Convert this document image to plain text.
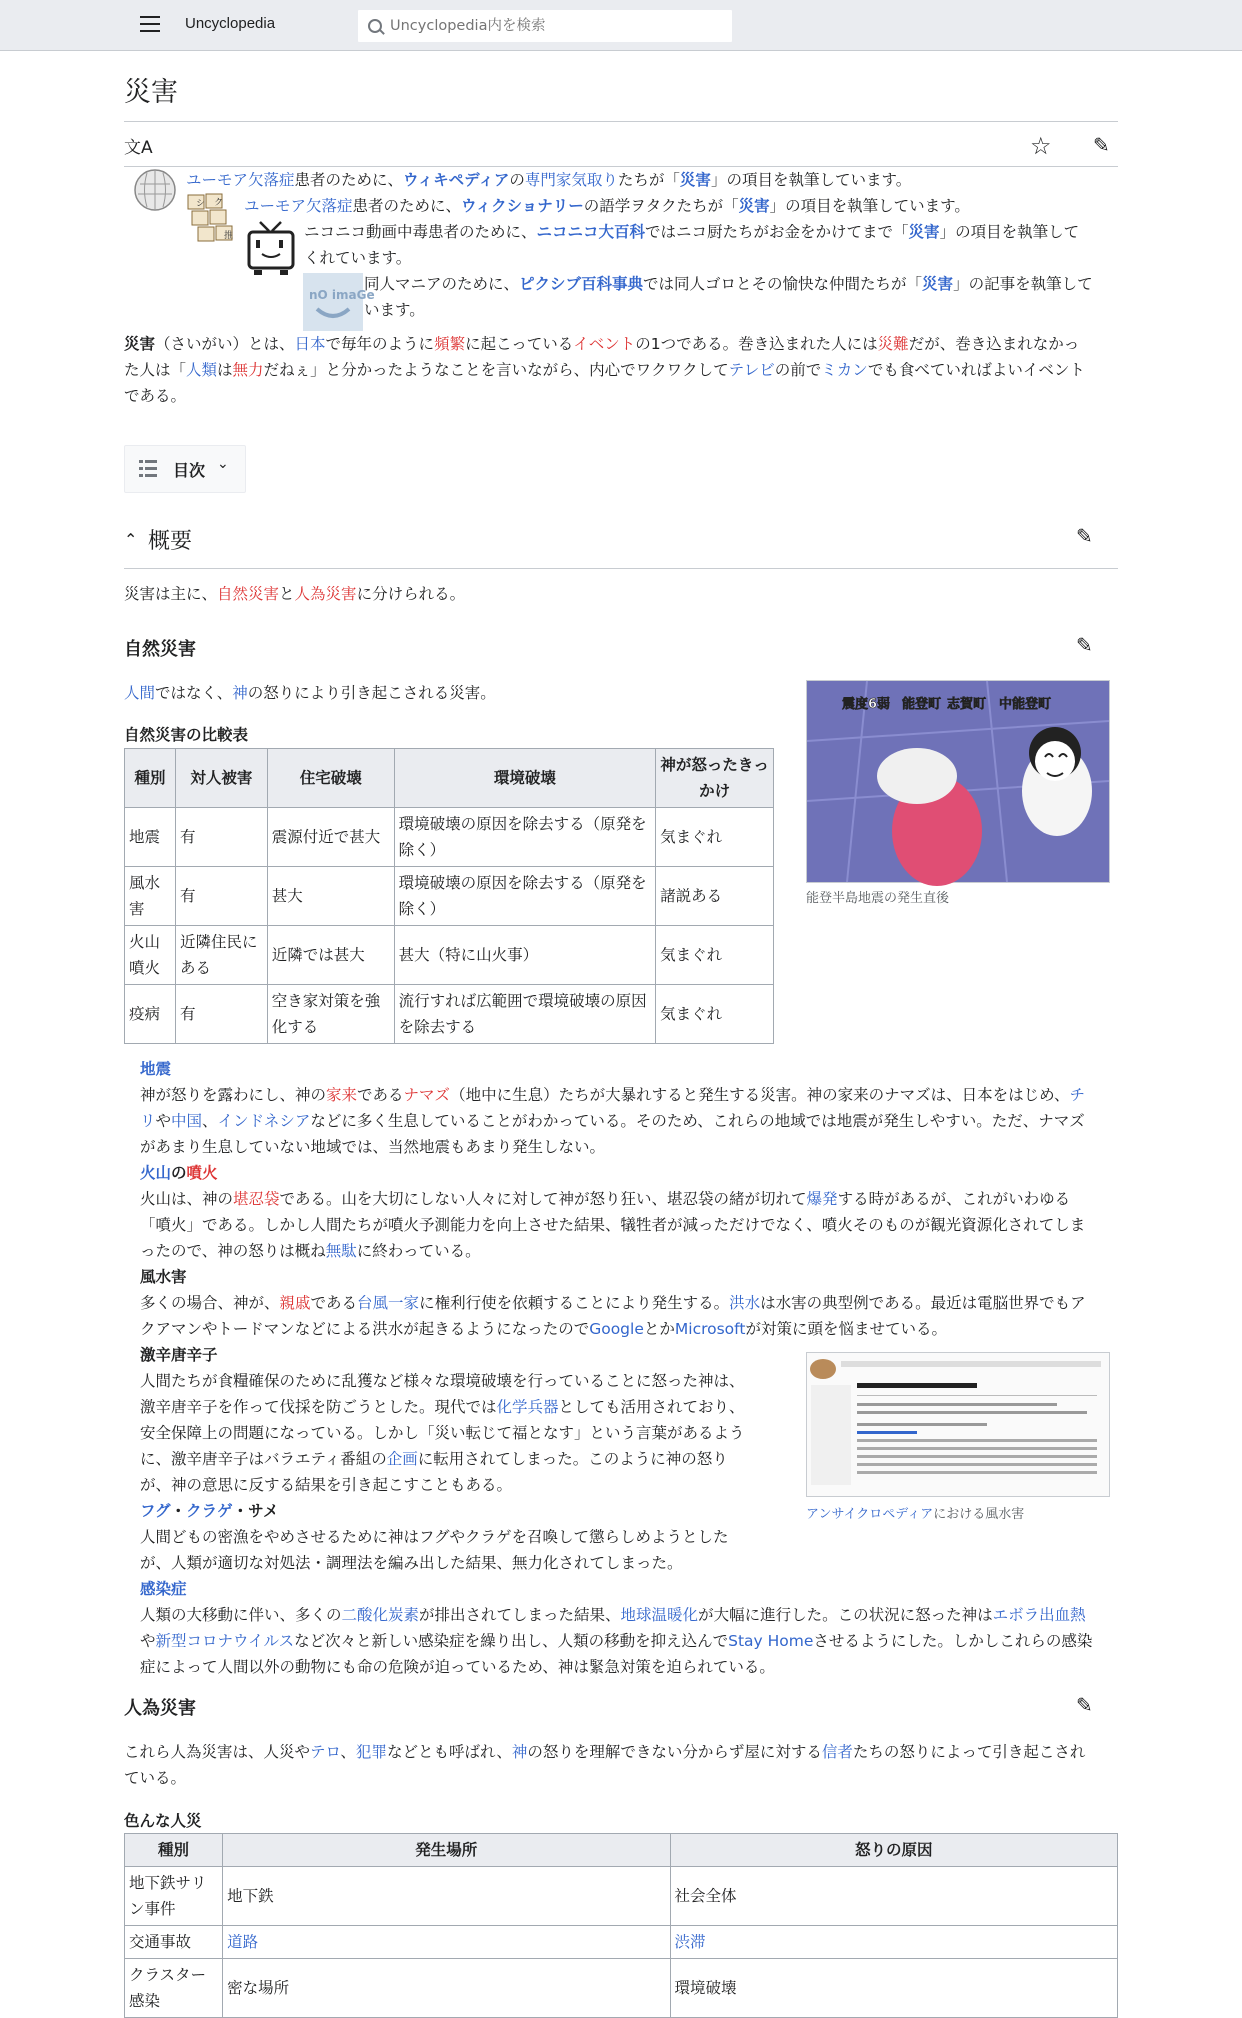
Uncyclopedia
Uncyclopedia内を検索
災害
文A	☆ ✎
シ ク
推
nO imaGe
ユーモア欠落症患者のために、ウィキペディアの専門家気取りたちが「災害」の項目を執筆しています。
ユーモア欠落症患者のために、ウィクショナリーの語学ヲタクたちが「災害」の項目を執筆しています。
ニコニコ動画中毒患者のために、ニコニコ大百科ではニコ厨たちがお金をかけてまで「災害」の項目を執筆して
くれています。
同人マニアのために、ピクシブ百科事典では同人ゴロとその愉快な仲間たちが「災害」の記事を執筆して
います。
災害（さいがい）とは、日本で毎年のように頻繁に起こっているイベントの1つである。巻き込まれた人には災難だが、巻き込まれなかっ
た人は「人類は無力だねぇ」と分かったようなことを言いながら、内心でワクワクしてテレビの前でミカンでも食べていればよいイベント
である。
目次 ⌄
⌃ 概要	✎
災害は主に、自然災害と人為災害に分けられる。
自然災害	✎
人間ではなく、神の怒りにより引き起こされる災害。
自然災害の比較表
種別	対人被害	住宅破壊	環境破壊	神が怒ったきっかけ
地震	有	震源付近で甚大	環境破壊の原因を除去する（原発を除く）	気まぐれ
風水害	有	甚大	環境破壊の原因を除去する（原発を除く）	諸説ある
火山噴火	近隣住民にある	近隣では甚大	甚大（特に山火事）	気まぐれ
疫病	有	空き家対策を強化する	流行すれば広範囲で環境破壊の原因を除去する	気まぐれ
震度6弱 能登町 志賀町 中能登町
能登半島地震の発生直後
地震
神が怒りを露わにし、神の家来であるナマズ（地中に生息）たちが大暴れすると発生する災害。神の家来のナマズは、日本をはじめ、チ
リや中国、インドネシアなどに多く生息していることがわかっている。そのため、これらの地域では地震が発生しやすい。ただ、ナマズ
があまり生息していない地域では、当然地震もあまり発生しない。
火山の噴火
火山は、神の堪忍袋である。山を大切にしない人々に対して神が怒り狂い、堪忍袋の緒が切れて爆発する時があるが、これがいわゆる
「噴火」である。しかし人間たちが噴火予測能力を向上させた結果、犠牲者が減っただけでなく、噴火そのものが観光資源化されてしま
ったので、神の怒りは概ね無駄に終わっている。
風水害
多くの場合、神が、親戚である台風一家に権利行使を依頼することにより発生する。洪水は水害の典型例である。最近は電脳世界でもア
クアマンやトードマンなどによる洪水が起きるようになったのでGoogleとかMicrosoftが対策に頭を悩ませている。
激辛唐辛子
人間たちが食糧確保のために乱獲など様々な環境破壊を行っていることに怒った神は、
激辛唐辛子を作って伐採を防ごうとした。現代では化学兵器としても活用されており、
安全保障上の問題になっている。しかし「災い転じて福となす」という言葉があるよう
に、激辛唐辛子はバラエティ番組の企画に転用されてしまった。このように神の怒り
が、神の意思に反する結果を引き起こすこともある。
フグ・クラゲ・サメ
人間どもの密漁をやめさせるために神はフグやクラゲを召喚して懲らしめようとした
が、人類が適切な対処法・調理法を編み出した結果、無力化されてしまった。
感染症
人類の大移動に伴い、多くの二酸化炭素が排出されてしまった結果、地球温暖化が大幅に進行した。この状況に怒った神はエボラ出血熱
や新型コロナウイルスなど次々と新しい感染症を繰り出し、人類の移動を抑え込んでStay Homeさせるようにした。しかしこれらの感染
症によって人間以外の動物にも命の危険が迫っているため、神は緊急対策を迫られている。
アンサイクロペディアにおける風水害
人為災害	✎
これら人為災害は、人災やテロ、犯罪などとも呼ばれ、神の怒りを理解できない分からず屋に対する信者たちの怒りによって引き起こされ
ている。
色んな人災
種別	発生場所	怒りの原因
地下鉄サリン事件	地下鉄	社会全体
交通事故	道路	渋滞
クラスター感染	密な場所	環境破壊
